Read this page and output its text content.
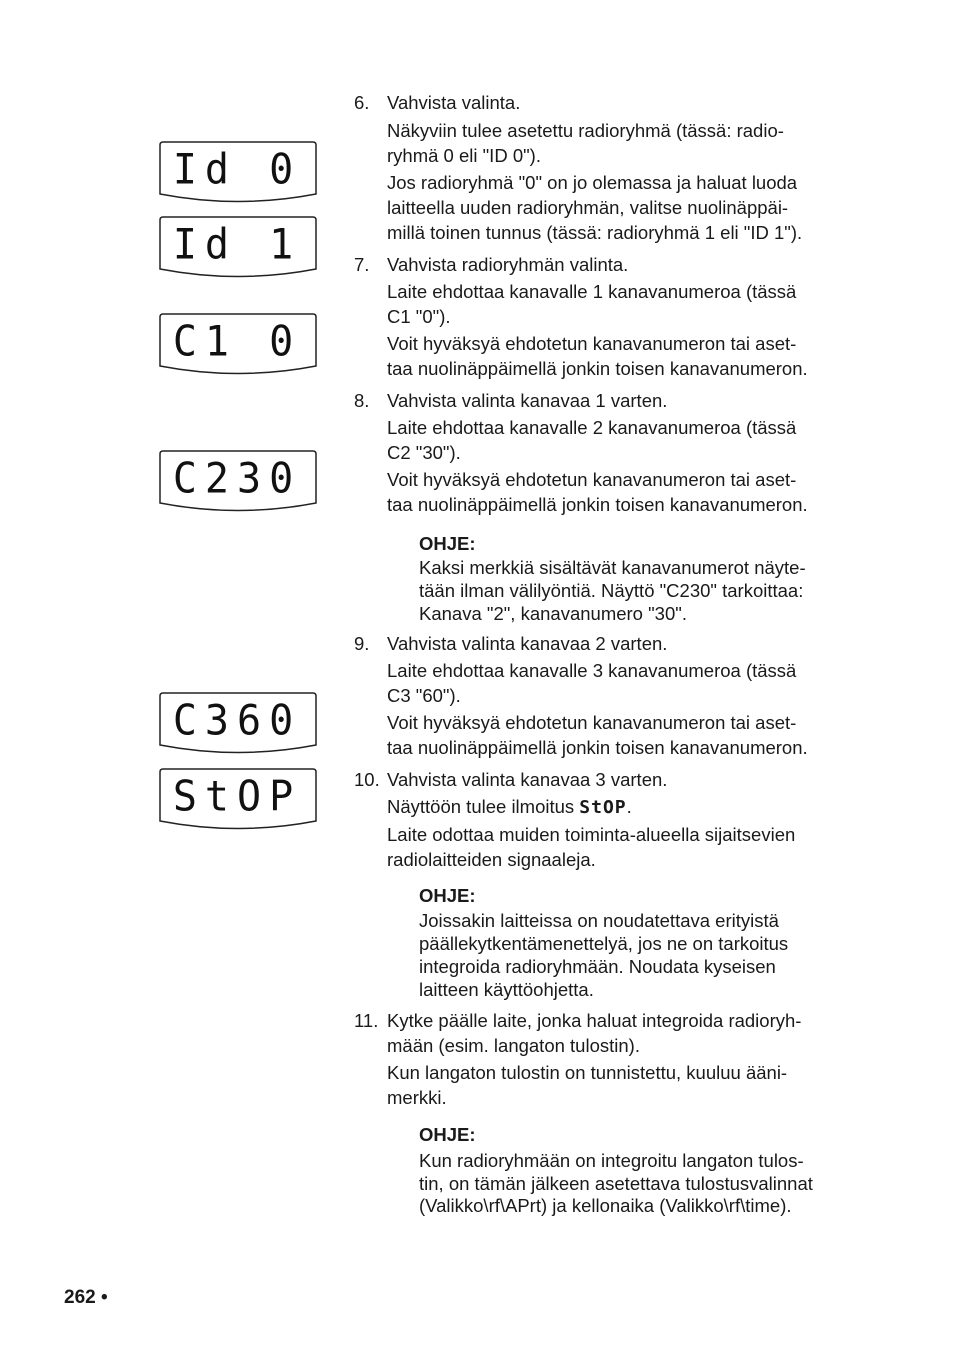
Id 0
Id 1
C1 0
C230
C360
StOP
6. Vahvista valinta.
Näkyviin tulee asetettu radioryhmä (tässä: radio-
ryhmä 0 eli "ID 0").
Jos radioryhmä "0" on jo olemassa ja haluat luoda
laitteella uuden radioryhmän, valitse nuolinäppäi-
millä toinen tunnus (tässä: radioryhmä 1 eli "ID 1").
7. Vahvista radioryhmän valinta.
Laite ehdottaa kanavalle 1 kanavanumeroa (tässä
C1 "0").
Voit hyväksyä ehdotetun kanavanumeron tai aset-
taa nuolinäppäimellä jonkin toisen kanavanumeron.
8. Vahvista valinta kanavaa 1 varten.
Laite ehdottaa kanavalle 2 kanavanumeroa (tässä
C2 "30").
Voit hyväksyä ehdotetun kanavanumeron tai aset-
taa nuolinäppäimellä jonkin toisen kanavanumeron.
OHJE:
Kaksi merkkiä sisältävät kanavanumerot näyte-
tään ilman välilyöntiä. Näyttö "C230" tarkoittaa:
Kanava "2", kanavanumero "30".
9. Vahvista valinta kanavaa 2 varten.
Laite ehdottaa kanavalle 3 kanavanumeroa (tässä
C3 "60").
Voit hyväksyä ehdotetun kanavanumeron tai aset-
taa nuolinäppäimellä jonkin toisen kanavanumeron.
10. Vahvista valinta kanavaa 3 varten.
Näyttöön tulee ilmoitus StOP.
Laite odottaa muiden toiminta-alueella sijaitsevien
radiolaitteiden signaaleja.
OHJE:
Joissakin laitteissa on noudatettava erityistä
päällekytkentämenettelyä, jos ne on tarkoitus
integroida radioryhmään. Noudata kyseisen
laitteen käyttöohjetta.
11. Kytke päälle laite, jonka haluat integroida radioryh-
mään (esim. langaton tulostin).
Kun langaton tulostin on tunnistettu, kuuluu ääni-
merkki.
OHJE:
Kun radioryhmään on integroitu langaton tulos-
tin, on tämän jälkeen asetettava tulostusvalinnat
(Valikko\rf\APrt) ja kellonaika (Valikko\rf\time).
262 •
